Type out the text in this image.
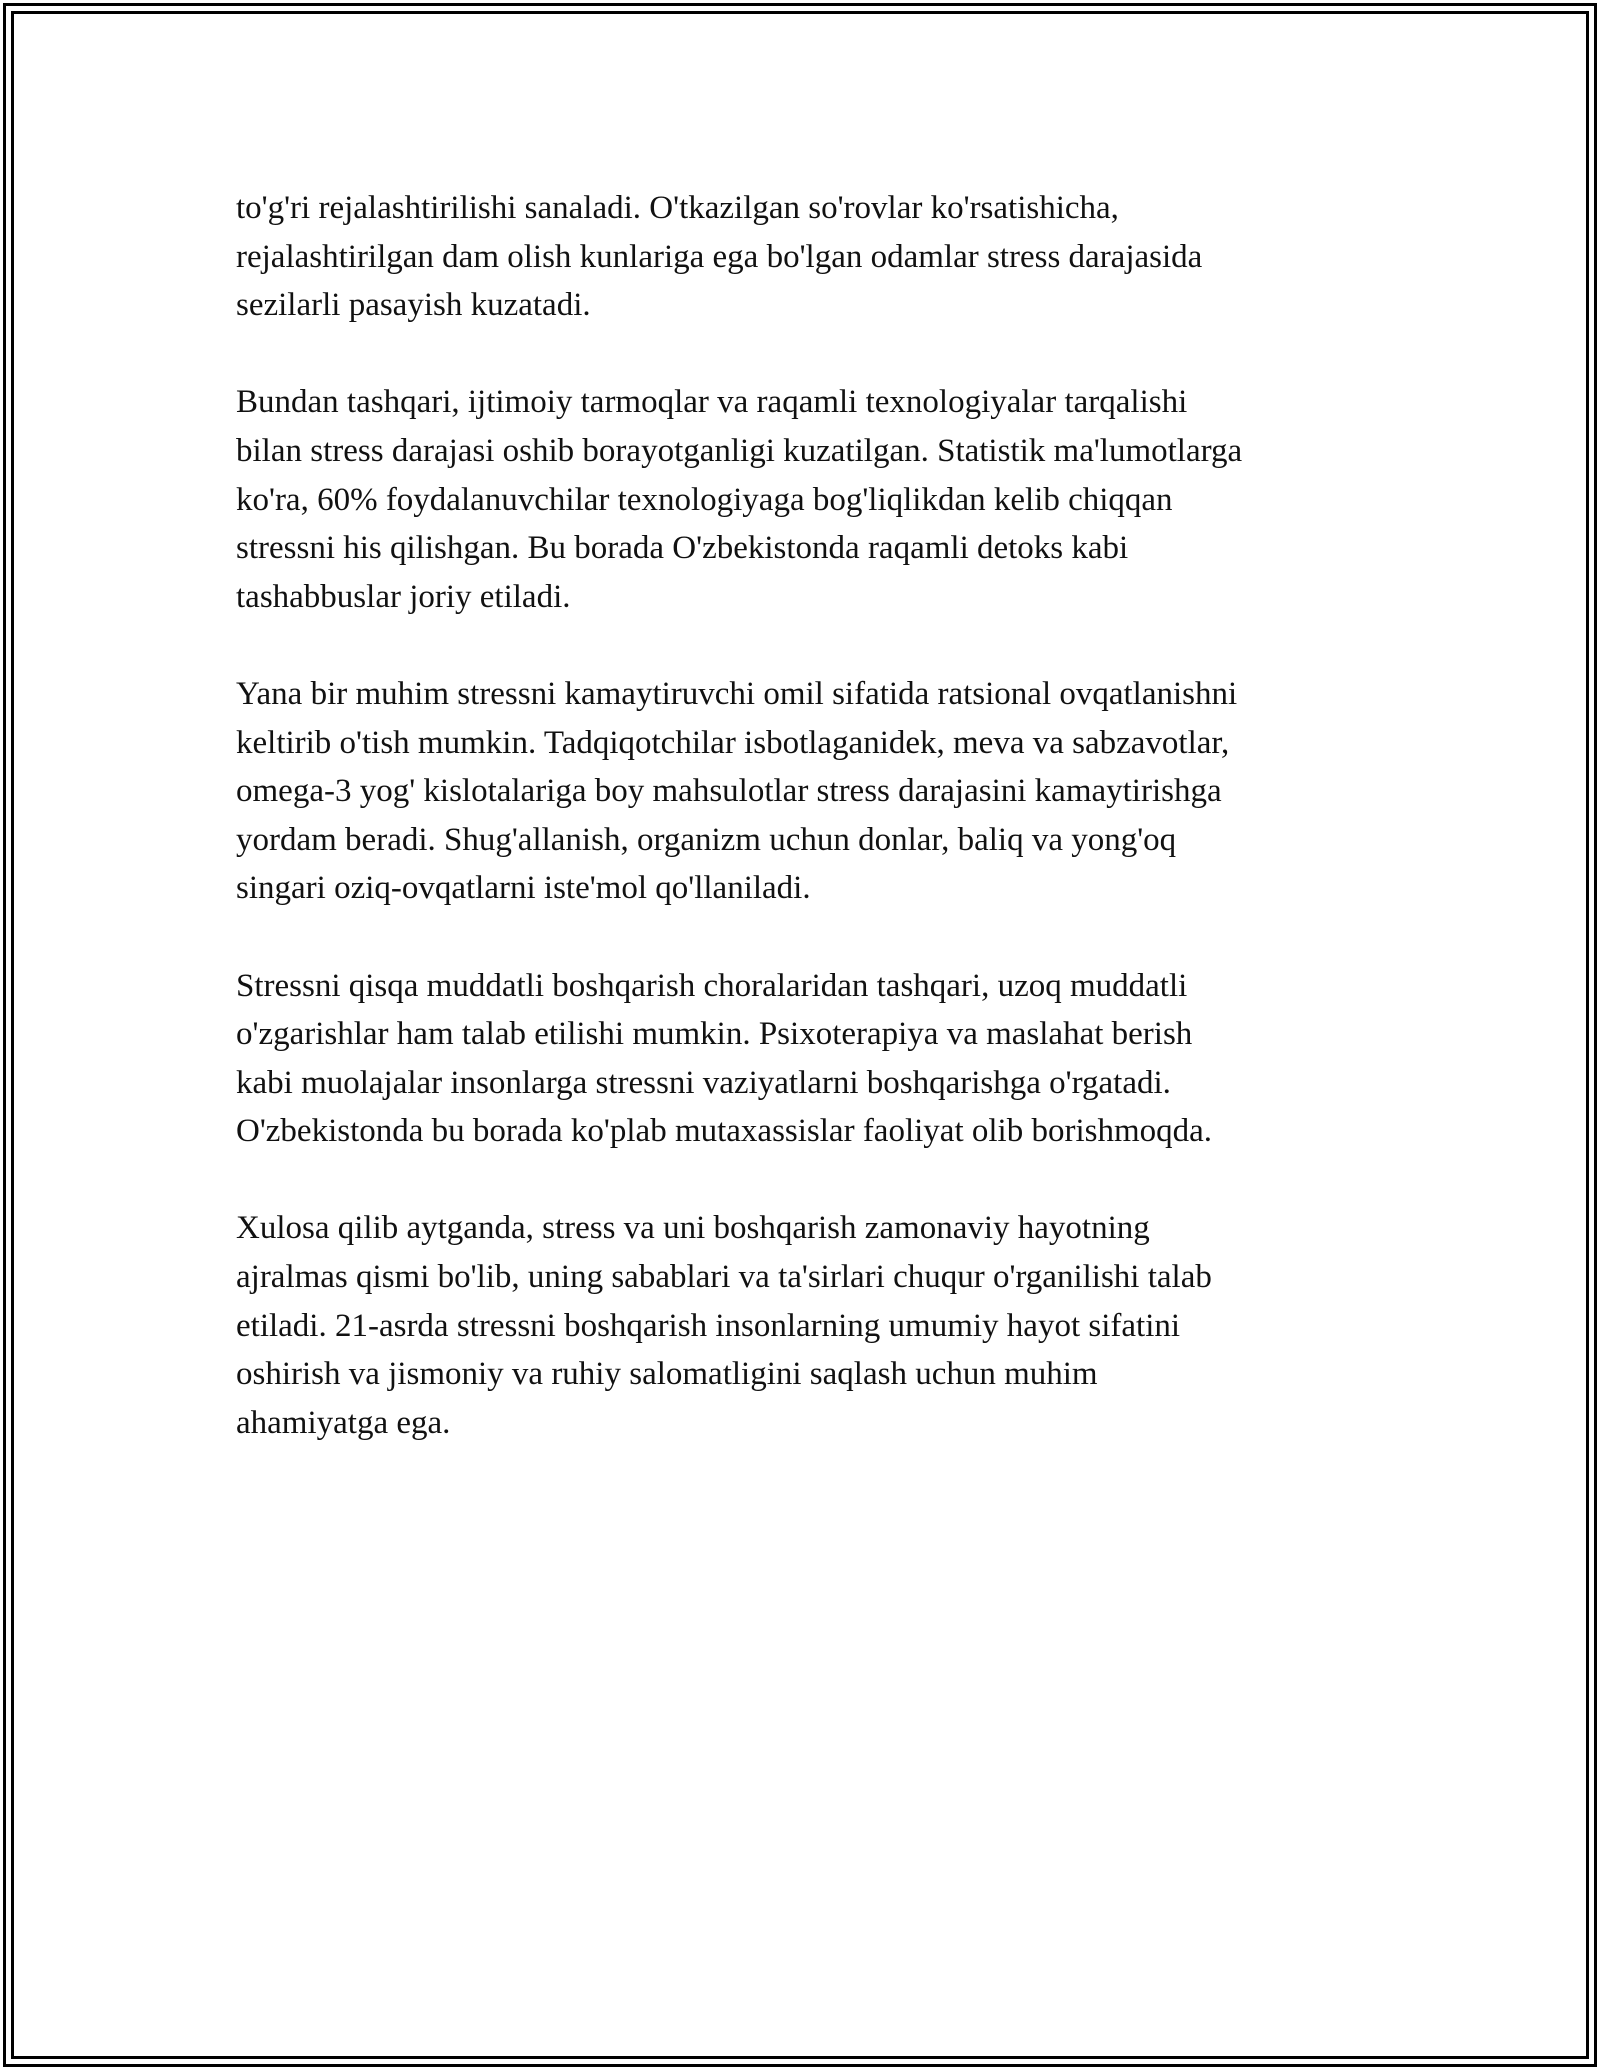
to'g'ri rejalashtirilishi sanaladi. O'tkazilgan so'rovlar ko'rsatishicha,
rejalashtirilgan dam olish kunlariga ega bo'lgan odamlar stress darajasida
sezilarli pasayish kuzatadi.
Bundan tashqari, ijtimoiy tarmoqlar va raqamli texnologiyalar tarqalishi
bilan stress darajasi oshib borayotganligi kuzatilgan. Statistik ma'lumotlarga
ko'ra, 60% foydalanuvchilar texnologiyaga bog'liqlikdan kelib chiqqan
stressni his qilishgan. Bu borada O'zbekistonda raqamli detoks kabi
tashabbuslar joriy etiladi.
Yana bir muhim stressni kamaytiruvchi omil sifatida ratsional ovqatlanishni
keltirib o'tish mumkin. Tadqiqotchilar isbotlaganidek, meva va sabzavotlar,
omega-3 yog' kislotalariga boy mahsulotlar stress darajasini kamaytirishga
yordam beradi. Shug'allanish, organizm uchun donlar, baliq va yong'oq
singari oziq-ovqatlarni iste'mol qo'llaniladi.
Stressni qisqa muddatli boshqarish choralaridan tashqari, uzoq muddatli
o'zgarishlar ham talab etilishi mumkin. Psixoterapiya va maslahat berish
kabi muolajalar insonlarga stressni vaziyatlarni boshqarishga o'rgatadi.
O'zbekistonda bu borada ko'plab mutaxassislar faoliyat olib borishmoqda.
Xulosa qilib aytganda, stress va uni boshqarish zamonaviy hayotning
ajralmas qismi bo'lib, uning sabablari va ta'sirlari chuqur o'rganilishi talab
etiladi. 21-asrda stressni boshqarish insonlarning umumiy hayot sifatini
oshirish va jismoniy va ruhiy salomatligini saqlash uchun muhim
ahamiyatga ega.
